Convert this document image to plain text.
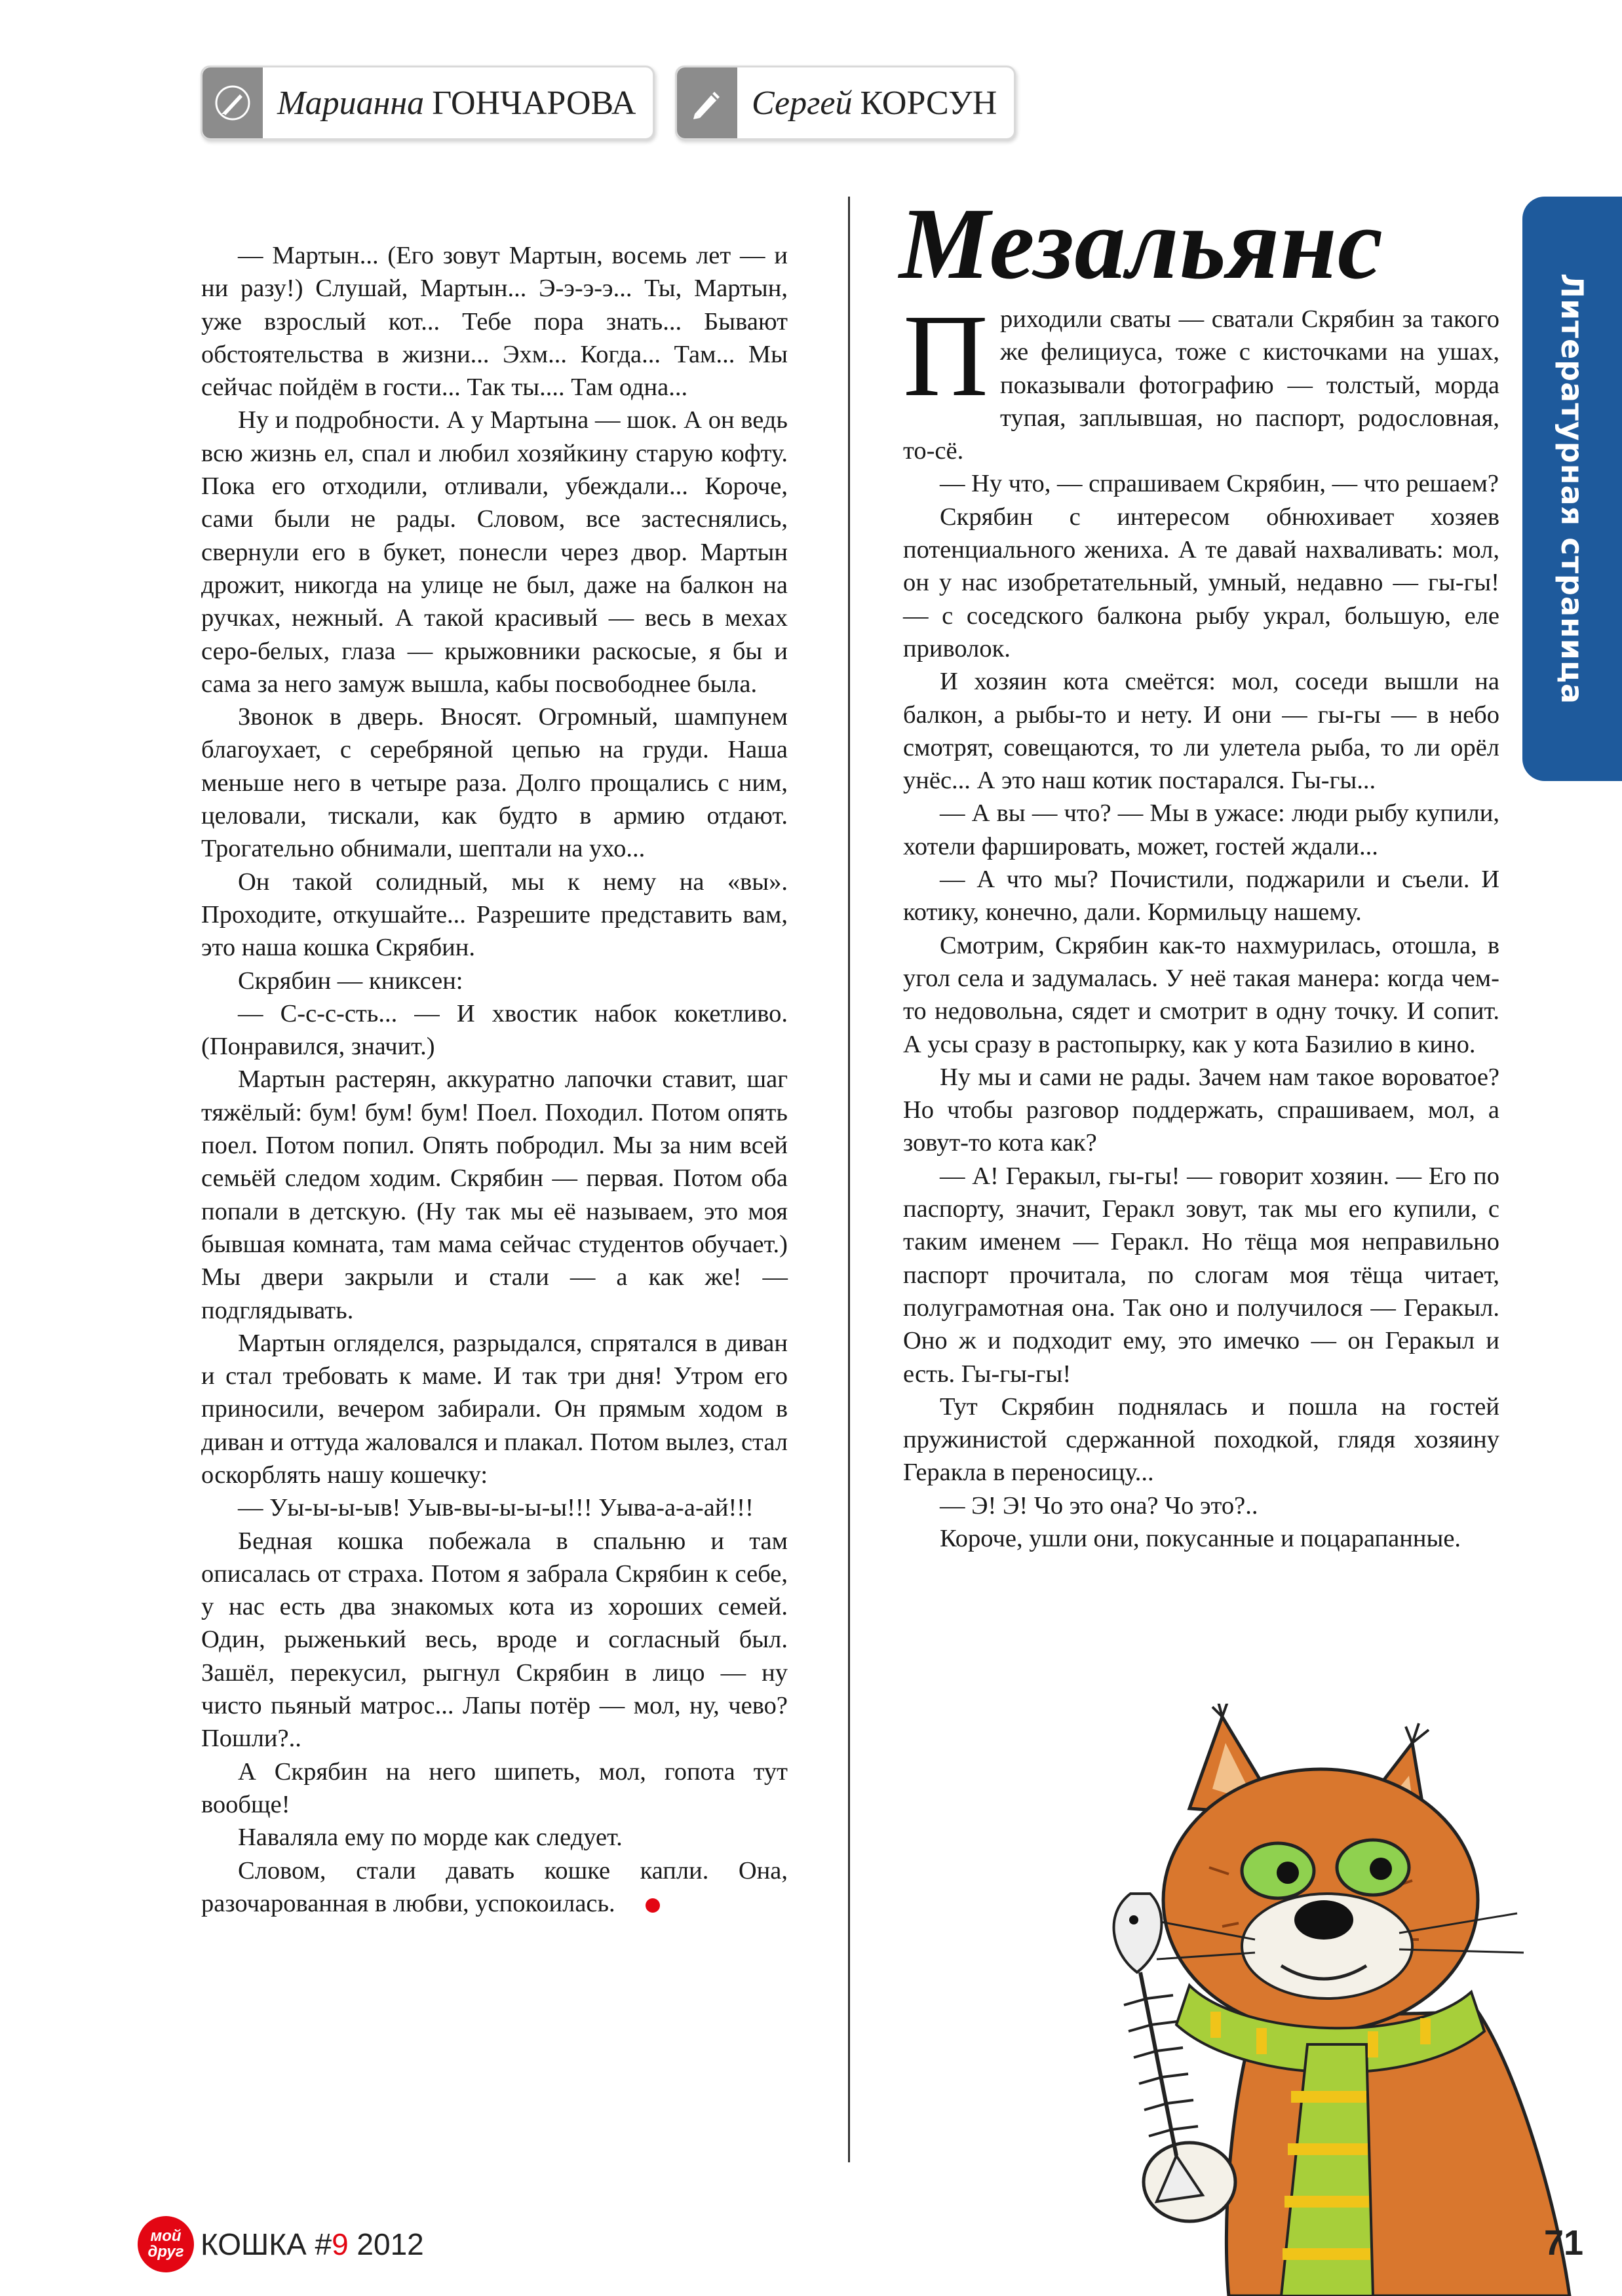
Марианна ГОНЧАРОВА	Сергей КОРСУН

— Мартын... (Его зовут Мартын, восемь лет — и ни разу!) Слушай, Мартын... Э-э-э-э... Ты, Мартын, уже взрослый кот... Тебе пора знать... Бывают обстоятельства в жизни... Эхм... Когда... Там... Мы сейчас пойдём в гости... Так ты.... Там одна...

Ну и подробности. А у Мартына — шок. А он ведь всю жизнь ел, спал и любил хозяйкину старую кофту. Пока его отходили, отливали, убеждали... Короче, сами были не рады. Словом, все застеснялись, свернули его в букет, понесли через двор. Мартын дрожит, никогда на улице не был, даже на балкон на ручках, нежный. А такой красивый — весь в мехах серо-белых, глаза — крыжовники раскосые, я бы и сама за него замуж вышла, кабы посвободнее была.

Звонок в дверь. Вносят. Огромный, шампунем благоухает, с серебряной цепью на груди. Наша меньше него в четыре раза. Долго прощались с ним, целовали, тискали, как будто в армию отдают. Трогательно обнимали, шептали на ухо...

Он такой солидный, мы к нему на «вы». Проходите, откушайте... Разрешите представить вам, это наша кошка Скрябин.

Скрябин — книксен:

— С-с-с-сть... — И хвостик набок кокетливо. (Понравился, значит.)

Мартын растерян, аккуратно лапочки ставит, шаг тяжёлый: бум! бум! бум! Поел. Походил. Потом опять поел. Потом попил. Опять побродил. Мы за ним всей семьёй следом ходим. Скрябин — первая. Потом оба попали в детскую. (Ну так мы её называем, это моя бывшая комната, там мама сейчас студентов обучает.) Мы двери закрыли и стали — а как же! — подглядывать.

Мартын огляделся, разрыдался, спрятался в диван и стал требовать к маме. И так три дня! Утром его приносили, вечером забирали. Он прямым ходом в диван и оттуда жаловался и плакал. Потом вылез, стал оскорблять нашу кошечку:

— Уы-ы-ы-ыв! Уыв-вы-ы-ы-ы!!! Уыва-а-а-ай!!!

Бедная кошка побежала в спальню и там описалась от страха. Потом я забрала Скрябин к себе, у нас есть два знакомых кота из хороших семей. Один, рыженький весь, вроде и согласный был. Зашёл, перекусил, рыгнул Скрябин в лицо — ну чисто пьяный матрос... Лапы потёр — мол, ну, чево? Пошли?..

А Скрябин на него шипеть, мол, гопота тут вообще!

Наваляла ему по морде как следует.

Словом, стали давать кошке капли. Она, разочарованная в любви, успокоилась.

Мезальянс

Приходили сваты — сватали Скрябин за такого же фелициуса, тоже с кисточками на ушах, показывали фотографию — толстый, морда тупая, заплывшая, но паспорт, родословная, то-сё.

— Ну что, — спрашиваем Скрябин, — что решаем?

Скрябин с интересом обнюхивает хозяев потенциального жениха. А те давай нахваливать: мол, он у нас изобретательный, умный, недавно — гы-гы! — с соседского балкона рыбу украл, большую, еле приволок.

И хозяин кота смеётся: мол, соседи вышли на балкон, а рыбы-то и нету. И они — гы-гы — в небо смотрят, совещаются, то ли улетела рыба, то ли орёл унёс... А это наш котик постарался. Гы-гы...

— А вы — что? — Мы в ужасе: люди рыбу купили, хотели фаршировать, может, гостей ждали...

— А что мы? Почистили, поджарили и съели. И котику, конечно, дали. Кормильцу нашему.

Смотрим, Скрябин как-то нахмурилась, отошла, в угол села и задумалась. У неё такая манера: когда чем-то недовольна, сядет и смотрит в одну точку. И сопит. А усы сразу в растопырку, как у кота Базилио в кино.

Ну мы и сами не рады. Зачем нам такое вороватое? Но чтобы разговор поддержать, спрашиваем, мол, а зовут-то кота как?

— А! Геракыл, гы-гы! — говорит хозяин. — Его по паспорту, значит, Геракл зовут, так мы его купили, с таким именем — Геракл. Но тёща моя неправильно паспорт прочитала, по слогам моя тёща читает, полуграмотная она. Так оно и получилося — Геракыл. Оно ж и подходит ему, это имечко — он Геракыл и есть. Гы-гы-гы!

Тут Скрябин поднялась и пошла на гостей пружинистой сдержанной походкой, глядя хозяину Геракла в переносицу...

— Э! Э! Чо это она? Чо это?..

Короче, ушли они, покусанные и поцарапанные.

Литературная страница
мой
друг КОШКА #9 2012	71
